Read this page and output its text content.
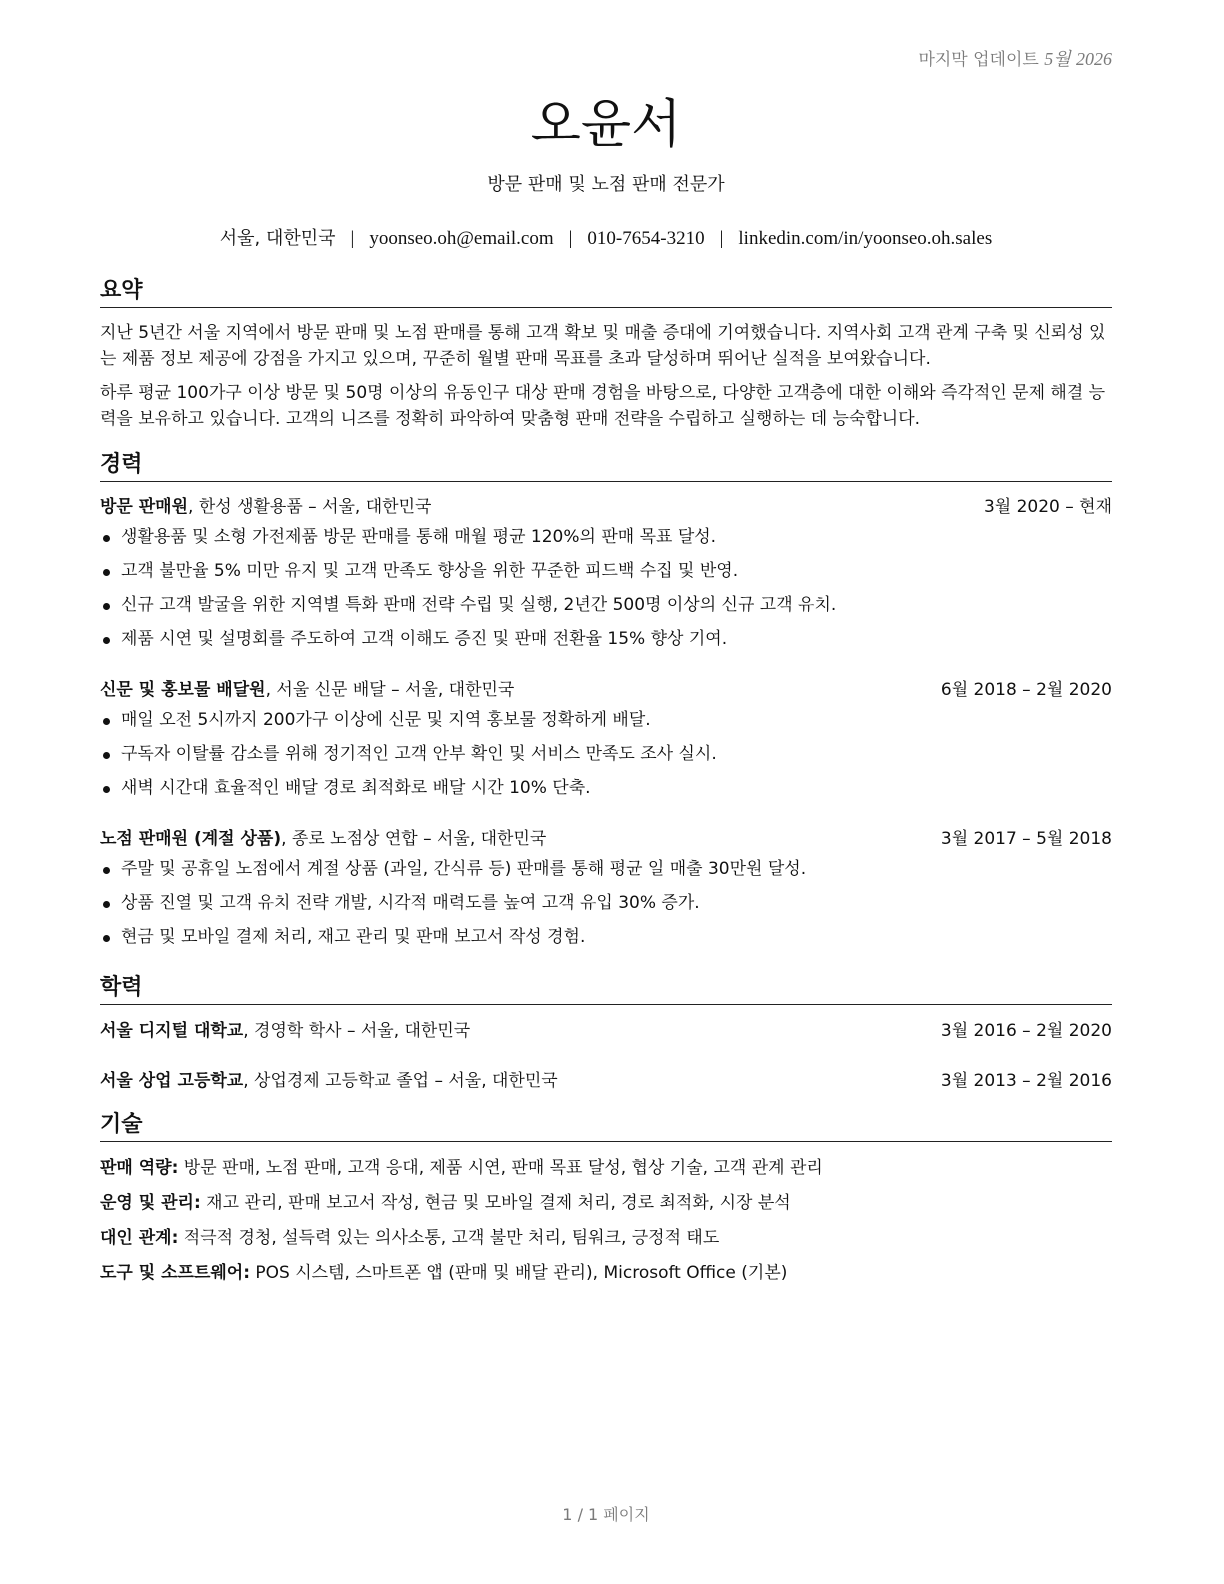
마지막 업데이트 5월 2026
오윤서
방문 판매 및 노점 판매 전문가
서울, 대한민국 | yoonseo.oh@email.com | 010-7654-3210 | linkedin.com/in/yoonseo.oh.sales
요약

지난 5년간 서울 지역에서 방문 판매 및 노점 판매를 통해 고객 확보 및 매출 증대에 기여했습니다. 지역사회 고객 관계 구축 및 신뢰성 있는 제품 정보 제공에 강점을 가지고 있으며, 꾸준히 월별 판매 목표를 초과 달성하며 뛰어난 실적을 보여왔습니다.

하루 평균 100가구 이상 방문 및 50명 이상의 유동인구 대상 판매 경험을 바탕으로, 다양한 고객층에 대한 이해와 즉각적인 문제 해결 능력을 보유하고 있습니다. 고객의 니즈를 정확히 파악하여 맞춤형 판매 전략을 수립하고 실행하는 데 능숙합니다.

경력
방문 판매원, 한성 생활용품 – 서울, 대한민국	3월 2020 – 현재
생활용품 및 소형 가전제품 방문 판매를 통해 매월 평균 120%의 판매 목표 달성.
고객 불만율 5% 미만 유지 및 고객 만족도 향상을 위한 꾸준한 피드백 수집 및 반영.
신규 고객 발굴을 위한 지역별 특화 판매 전략 수립 및 실행, 2년간 500명 이상의 신규 고객 유치.
제품 시연 및 설명회를 주도하여 고객 이해도 증진 및 판매 전환율 15% 향상 기여.
신문 및 홍보물 배달원, 서울 신문 배달 – 서울, 대한민국	6월 2018 – 2월 2020
매일 오전 5시까지 200가구 이상에 신문 및 지역 홍보물 정확하게 배달.
구독자 이탈률 감소를 위해 정기적인 고객 안부 확인 및 서비스 만족도 조사 실시.
새벽 시간대 효율적인 배달 경로 최적화로 배달 시간 10% 단축.
노점 판매원 (계절 상품), 종로 노점상 연합 – 서울, 대한민국	3월 2017 – 5월 2018
주말 및 공휴일 노점에서 계절 상품 (과일, 간식류 등) 판매를 통해 평균 일 매출 30만원 달성.
상품 진열 및 고객 유치 전략 개발, 시각적 매력도를 높여 고객 유입 30% 증가.
현금 및 모바일 결제 처리, 재고 관리 및 판매 보고서 작성 경험.
학력
서울 디지털 대학교, 경영학 학사 – 서울, 대한민국	3월 2016 – 2월 2020
서울 상업 고등학교, 상업경제 고등학교 졸업 – 서울, 대한민국	3월 2013 – 2월 2016
기술
판매 역량: 방문 판매, 노점 판매, 고객 응대, 제품 시연, 판매 목표 달성, 협상 기술, 고객 관계 관리
운영 및 관리: 재고 관리, 판매 보고서 작성, 현금 및 모바일 결제 처리, 경로 최적화, 시장 분석
대인 관계: 적극적 경청, 설득력 있는 의사소통, 고객 불만 처리, 팀워크, 긍정적 태도
도구 및 소프트웨어: POS 시스템, 스마트폰 앱 (판매 및 배달 관리), Microsoft Office (기본)
1 / 1 페이지
